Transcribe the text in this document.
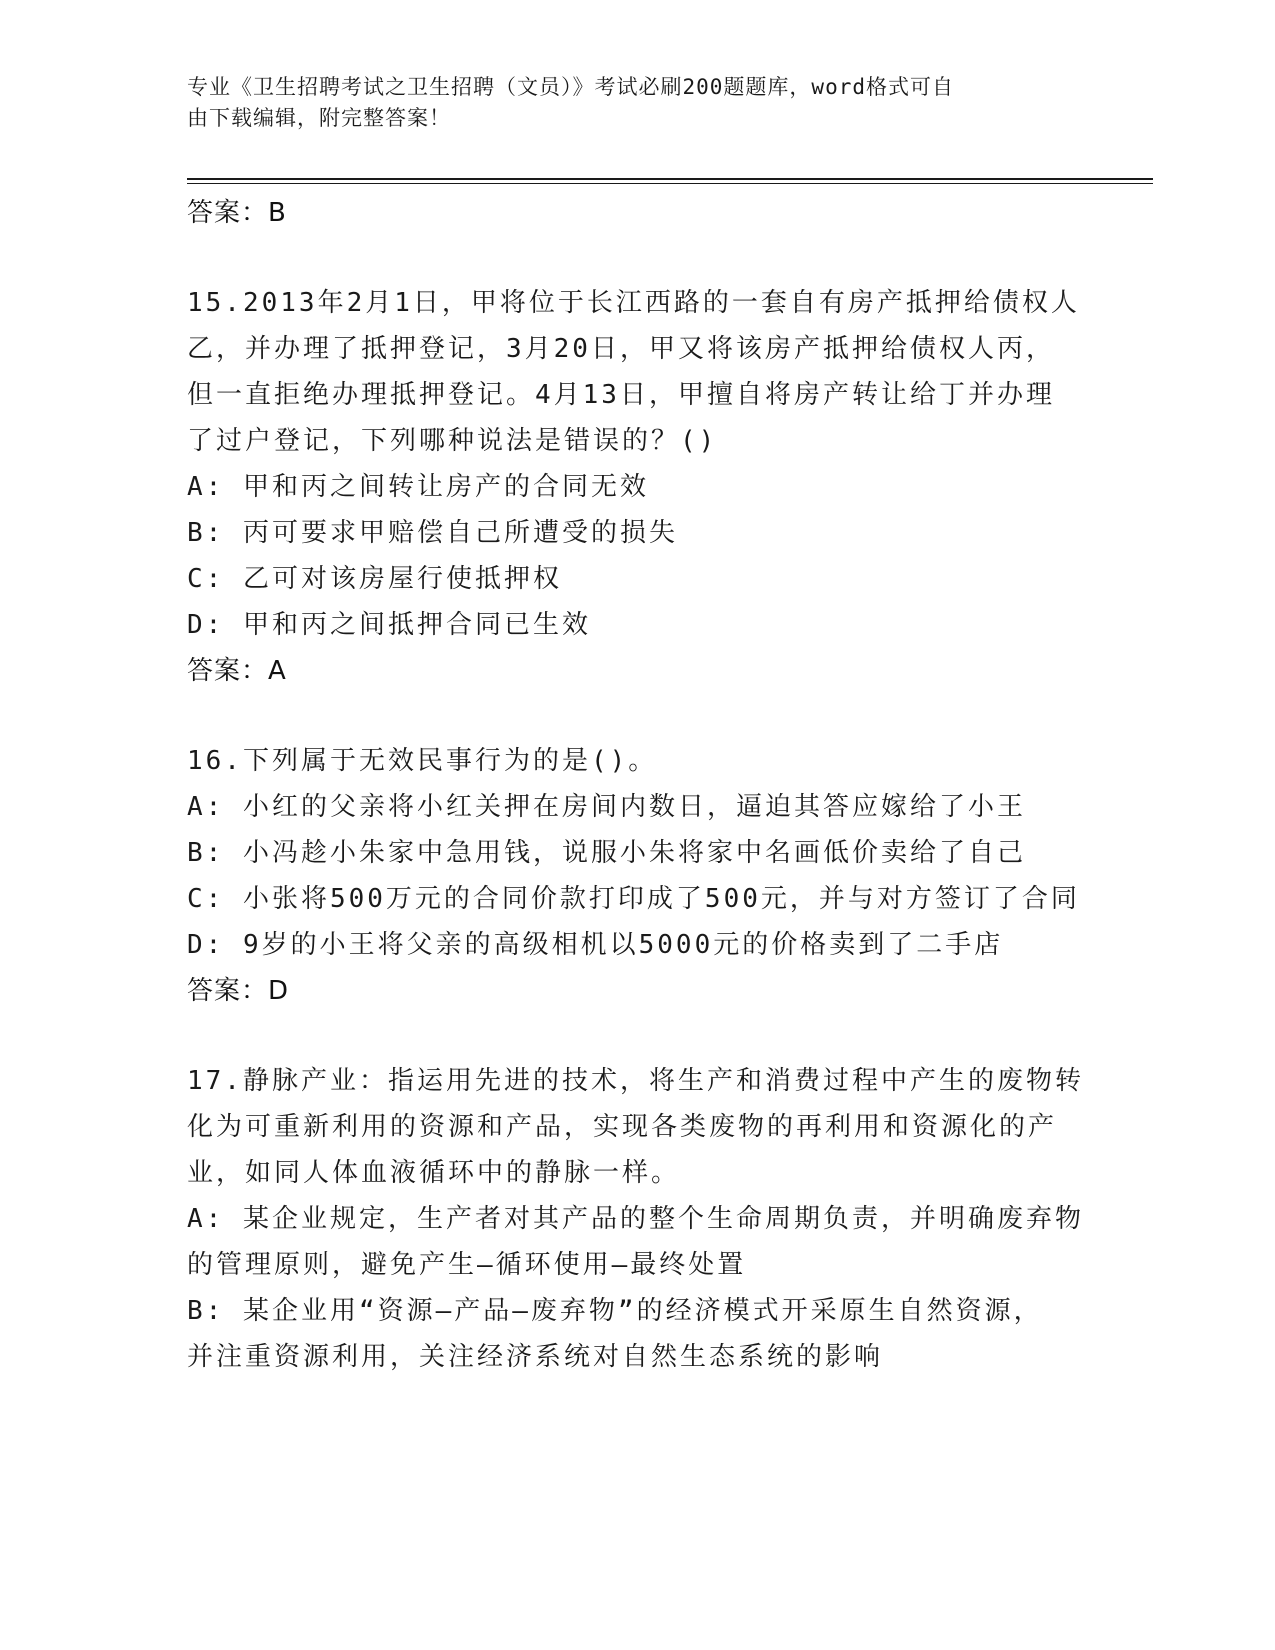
专业《卫生招聘考试之卫生招聘（文员）》考试必刷200题题库，word格式可自
由下载编辑，附完整答案！
答案：B
15.2013年2月1日，甲将位于长江西路的一套自有房产抵押给债权人
乙，并办理了抵押登记，3月20日，甲又将该房产抵押给债权人丙，
但一直拒绝办理抵押登记。4月13日，甲擅自将房产转让给丁并办理
了过户登记，下列哪种说法是错误的？()
A: 甲和丙之间转让房产的合同无效
B: 丙可要求甲赔偿自己所遭受的损失
C: 乙可对该房屋行使抵押权
D: 甲和丙之间抵押合同已生效
答案：A
16.下列属于无效民事行为的是()。
A: 小红的父亲将小红关押在房间内数日，逼迫其答应嫁给了小王
B: 小冯趁小朱家中急用钱，说服小朱将家中名画低价卖给了自己
C: 小张将500万元的合同价款打印成了500元，并与对方签订了合同
D: 9岁的小王将父亲的高级相机以5000元的价格卖到了二手店
答案：D
17.静脉产业：指运用先进的技术，将生产和消费过程中产生的废物转
化为可重新利用的资源和产品，实现各类废物的再利用和资源化的产
业，如同人体血液循环中的静脉一样。
A: 某企业规定，生产者对其产品的整个生命周期负责，并明确废弃物
的管理原则，避免产生—循环使用—最终处置
B: 某企业用“资源—产品—废弃物”的经济模式开采原生自然资源，
并注重资源利用，关注经济系统对自然生态系统的影响
